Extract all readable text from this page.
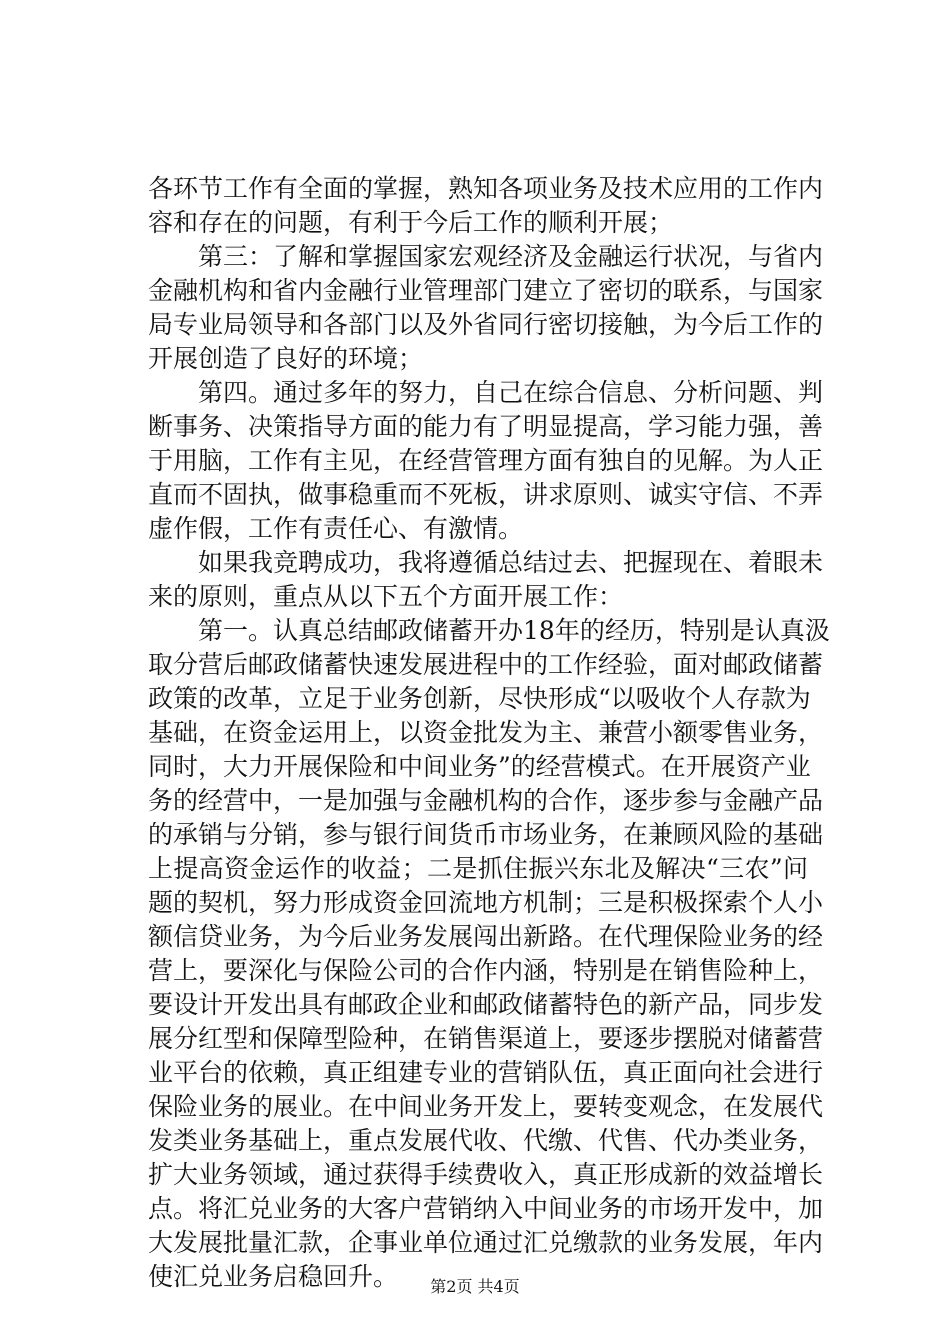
各环节工作有全面的掌握，熟知各项业务及技术应用的工作内
容和存在的问题，有利于今后工作的顺利开展；
　　第三：了解和掌握国家宏观经济及金融运行状况，与省内
金融机构和省内金融行业管理部门建立了密切的联系，与国家
局专业局领导和各部门以及外省同行密切接触，为今后工作的
开展创造了良好的环境；
　　第四。通过多年的努力，自己在综合信息、分析问题、判
断事务、决策指导方面的能力有了明显提高，学习能力强，善
于用脑，工作有主见，在经营管理方面有独自的见解。为人正
直而不固执，做事稳重而不死板，讲求原则、诚实守信、不弄
虚作假，工作有责任心、有激情。
　　如果我竞聘成功，我将遵循总结过去、把握现在、着眼未
来的原则，重点从以下五个方面开展工作：
　　第一。认真总结邮政储蓄开办18年的经历，特别是认真汲
取分营后邮政储蓄快速发展进程中的工作经验，面对邮政储蓄
政策的改革，立足于业务创新，尽快形成“以吸收个人存款为
基础，在资金运用上，以资金批发为主、兼营小额零售业务，
同时，大力开展保险和中间业务”的经营模式。在开展资产业
务的经营中，一是加强与金融机构的合作，逐步参与金融产品
的承销与分销，参与银行间货币市场业务，在兼顾风险的基础
上提高资金运作的收益；二是抓住振兴东北及解决“三农”问
题的契机，努力形成资金回流地方机制；三是积极探索个人小
额信贷业务，为今后业务发展闯出新路。在代理保险业务的经
营上，要深化与保险公司的合作内涵，特别是在销售险种上，
要设计开发出具有邮政企业和邮政储蓄特色的新产品，同步发
展分红型和保障型险种，在销售渠道上，要逐步摆脱对储蓄营
业平台的依赖，真正组建专业的营销队伍，真正面向社会进行
保险业务的展业。在中间业务开发上，要转变观念，在发展代
发类业务基础上，重点发展代收、代缴、代售、代办类业务，
扩大业务领域，通过获得手续费收入，真正形成新的效益增长
点。将汇兑业务的大客户营销纳入中间业务的市场开发中，加
大发展批量汇款，企事业单位通过汇兑缴款的业务发展，年内
使汇兑业务启稳回升。	第2页 共4页
